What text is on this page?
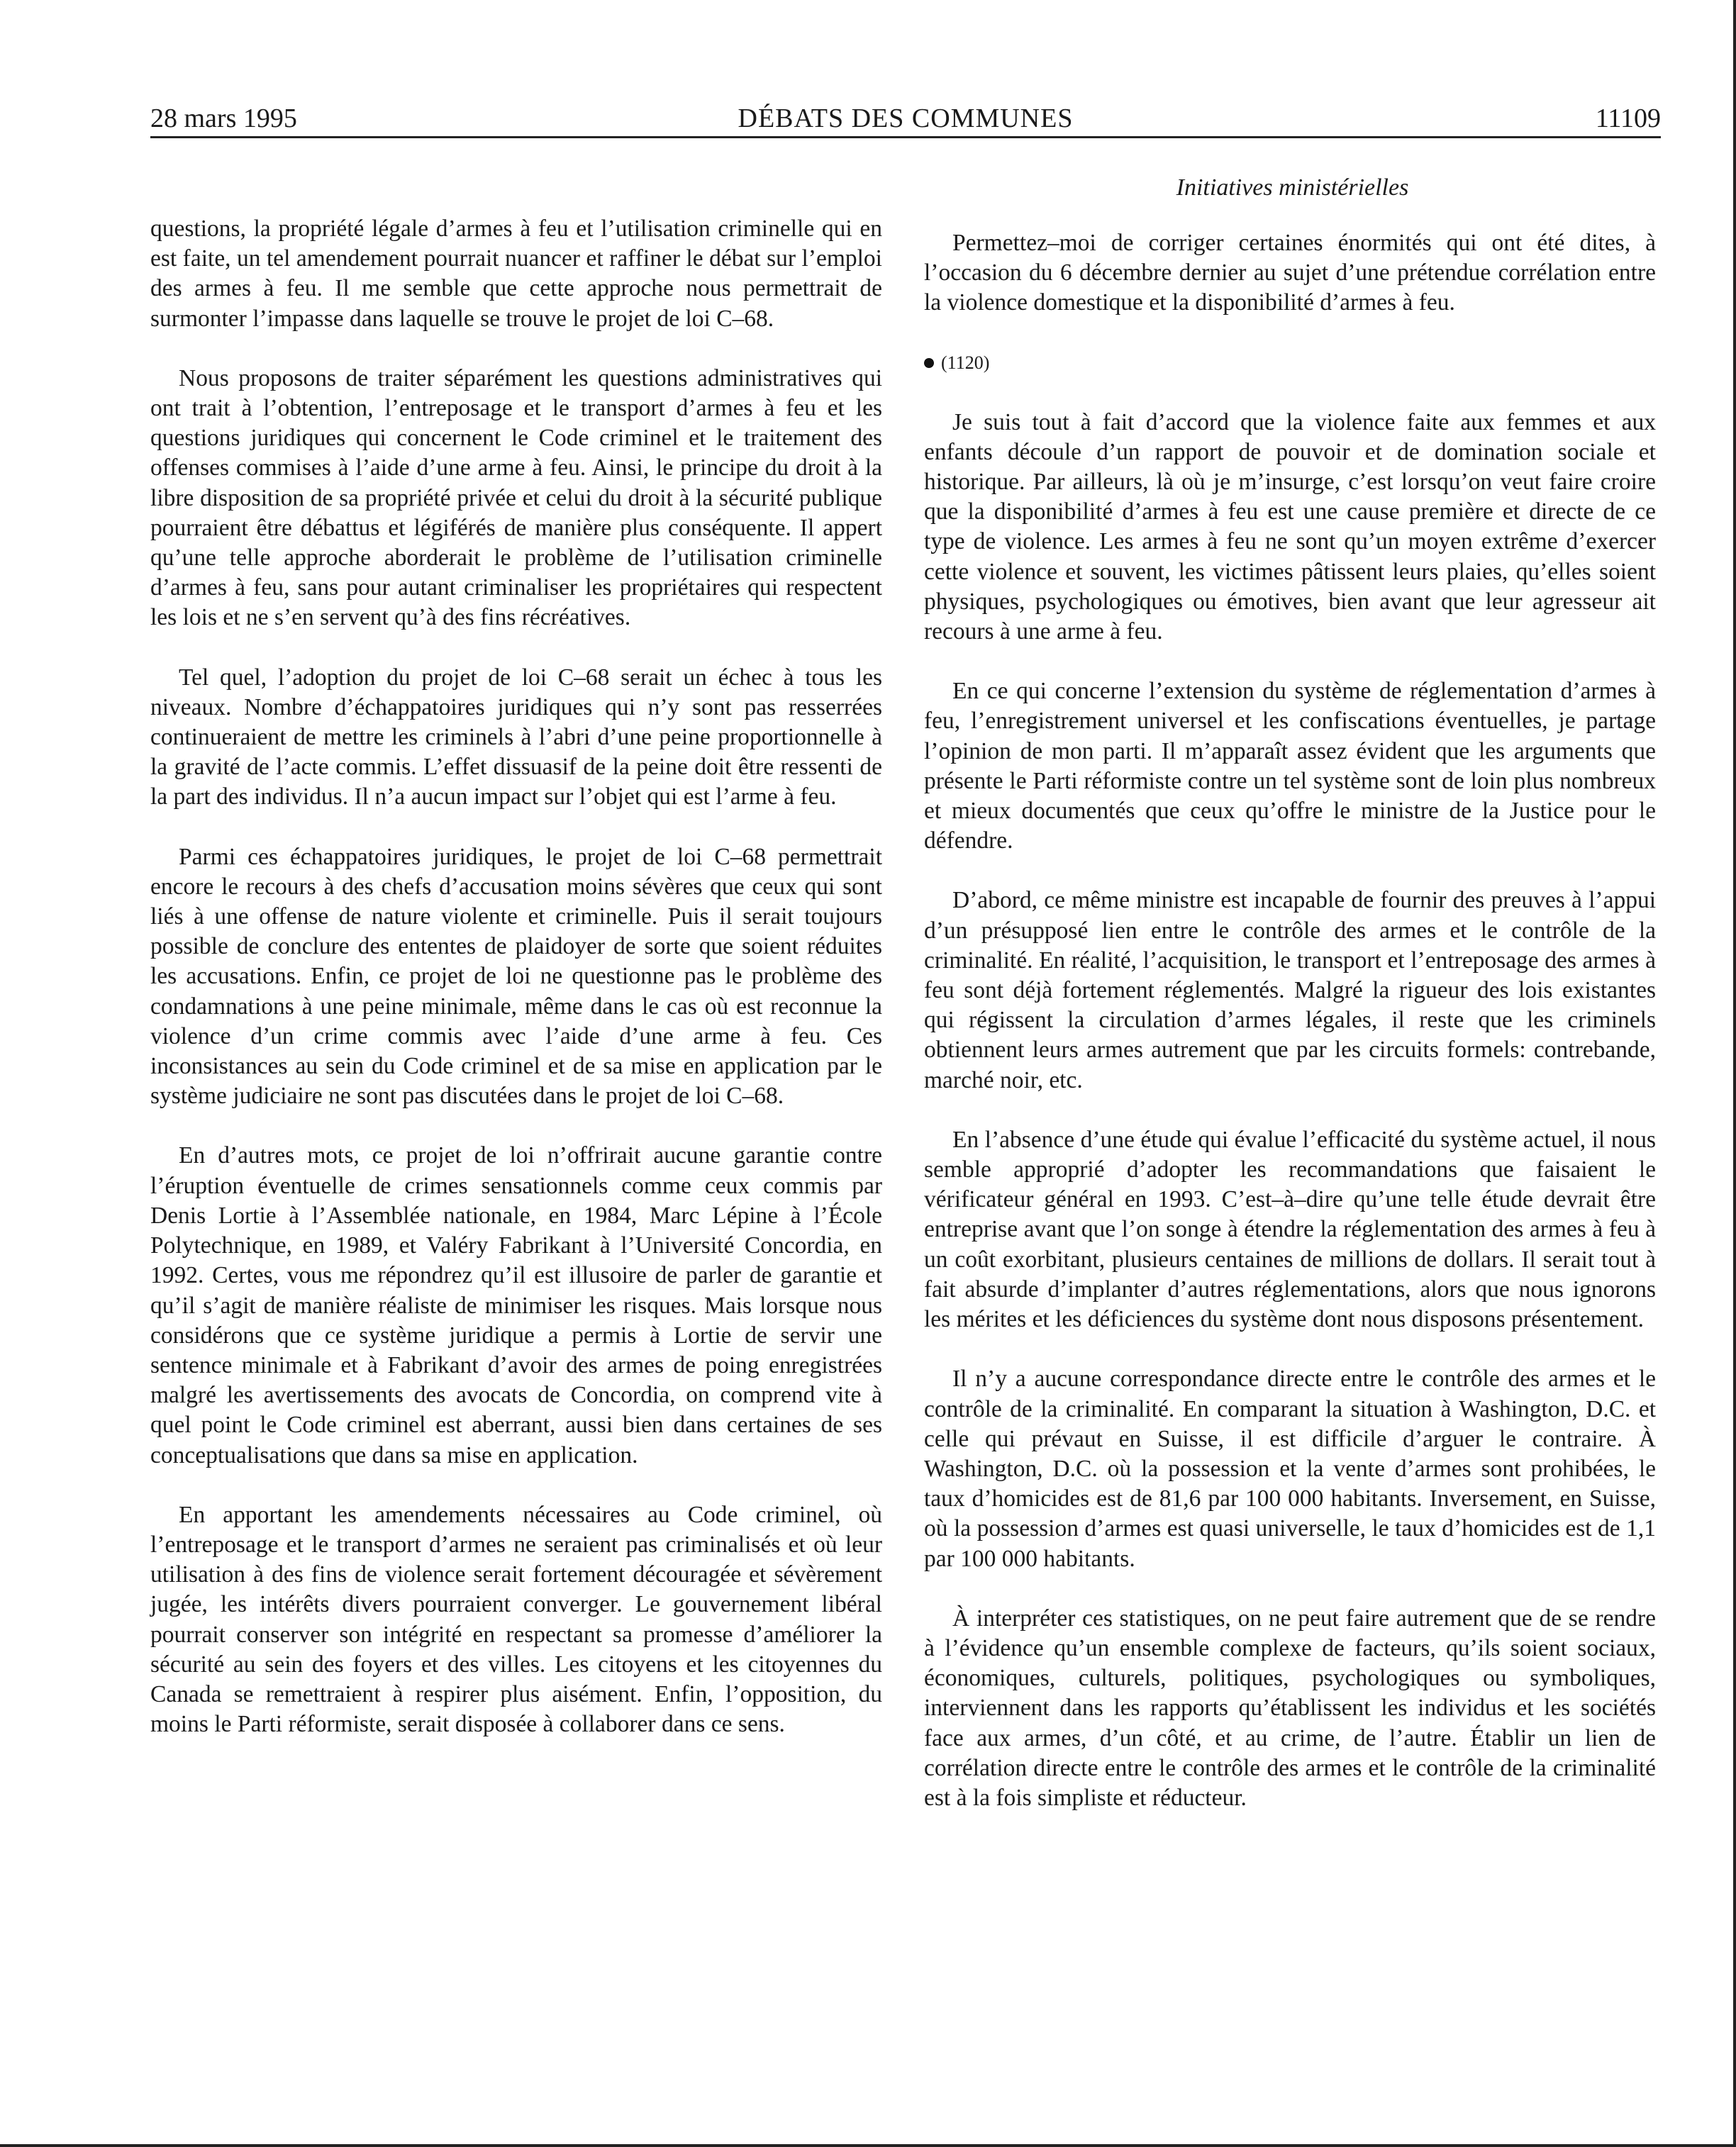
28 mars 1995	DÉBATS DES COMMUNES	11109
Initiatives ministérielles

questions, la propriété légale d’armes à feu et l’utilisation criminelle qui en est faite, un tel amendement pourrait nuancer et raffiner le débat sur l’emploi des armes à feu. Il me semble que cette approche nous permettrait de surmonter l’impasse dans laquelle se trouve le projet de loi C–68.

Nous proposons de traiter séparément les questions administratives qui ont trait à l’obtention, l’entreposage et le transport d’armes à feu et les questions juridiques qui concernent le Code criminel et le traitement des offenses commises à l’aide d’une arme à feu. Ainsi, le principe du droit à la libre disposition de sa propriété privée et celui du droit à la sécurité publique pourraient être débattus et légiférés de manière plus conséquente. Il appert qu’une telle approche aborderait le problème de l’utilisation criminelle d’armes à feu, sans pour autant criminaliser les propriétaires qui respectent les lois et ne s’en servent qu’à des fins récréatives.

Tel quel, l’adoption du projet de loi C–68 serait un échec à tous les niveaux. Nombre d’échappatoires juridiques qui n’y sont pas resserrées continueraient de mettre les criminels à l’abri d’une peine proportionnelle à la gravité de l’acte commis. L’effet dissuasif de la peine doit être ressenti de la part des individus. Il n’a aucun impact sur l’objet qui est l’arme à feu.

Parmi ces échappatoires juridiques, le projet de loi C–68 permettrait encore le recours à des chefs d’accusation moins sévères que ceux qui sont liés à une offense de nature violente et criminelle. Puis il serait toujours possible de conclure des ententes de plaidoyer de sorte que soient réduites les accusations. Enfin, ce projet de loi ne questionne pas le problème des condamnations à une peine minimale, même dans le cas où est reconnue la violence d’un crime commis avec l’aide d’une arme à feu. Ces inconsistances au sein du Code criminel et de sa mise en application par le système judiciaire ne sont pas discutées dans le projet de loi C–68.

En d’autres mots, ce projet de loi n’offrirait aucune garantie contre l’éruption éventuelle de crimes sensationnels comme ceux commis par Denis Lortie à l’Assemblée nationale, en 1984, Marc Lépine à l’École Polytechnique, en 1989, et Valéry Fabrikant à l’Université Concordia, en 1992. Certes, vous me répondrez qu’il est illusoire de parler de garantie et qu’il s’agit de manière réaliste de minimiser les risques. Mais lorsque nous considérons que ce système juridique a permis à Lortie de servir une sentence minimale et à Fabrikant d’avoir des armes de poing enregistrées malgré les avertissements des avocats de Concordia, on comprend vite à quel point le Code criminel est aberrant, aussi bien dans certaines de ses conceptualisations que dans sa mise en application.

En apportant les amendements nécessaires au Code criminel, où l’entreposage et le transport d’armes ne seraient pas criminalisés et où leur utilisation à des fins de violence serait fortement découragée et sévèrement jugée, les intérêts divers pourraient converger. Le gouvernement libéral pourrait conserver son intégrité en respectant sa promesse d’améliorer la sécurité au sein des foyers et des villes. Les citoyens et les citoyennes du Canada se remettraient à respirer plus aisément. Enfin, l’opposition, du moins le Parti réformiste, serait disposée à collaborer dans ce sens.

Permettez–moi de corriger certaines énormités qui ont été dites, à l’occasion du 6 décembre dernier au sujet d’une prétendue corrélation entre la violence domestique et la disponibilité d’armes à feu.

(1120)

Je suis tout à fait d’accord que la violence faite aux femmes et aux enfants découle d’un rapport de pouvoir et de domination sociale et historique. Par ailleurs, là où je m’insurge, c’est lorsqu’on veut faire croire que la disponibilité d’armes à feu est une cause première et directe de ce type de violence. Les armes à feu ne sont qu’un moyen extrême d’exercer cette violence et souvent, les victimes pâtissent leurs plaies, qu’elles soient physiques, psychologiques ou émotives, bien avant que leur agresseur ait recours à une arme à feu.

En ce qui concerne l’extension du système de réglementation d’armes à feu, l’enregistrement universel et les confiscations éventuelles, je partage l’opinion de mon parti. Il m’apparaît assez évident que les arguments que présente le Parti réformiste contre un tel système sont de loin plus nombreux et mieux documentés que ceux qu’offre le ministre de la Justice pour le défendre.

D’abord, ce même ministre est incapable de fournir des preuves à l’appui d’un présupposé lien entre le contrôle des armes et le contrôle de la criminalité. En réalité, l’acquisition, le transport et l’entreposage des armes à feu sont déjà fortement réglementés. Malgré la rigueur des lois existantes qui régissent la circulation d’armes légales, il reste que les criminels obtiennent leurs armes autrement que par les circuits formels: contrebande, marché noir, etc.

En l’absence d’une étude qui évalue l’efficacité du système actuel, il nous semble approprié d’adopter les recommandations que faisaient le vérificateur général en 1993. C’est–à–dire qu’une telle étude devrait être entreprise avant que l’on songe à étendre la réglementation des armes à feu à un coût exorbitant, plusieurs centaines de millions de dollars. Il serait tout à fait absurde d’implanter d’autres réglementations, alors que nous ignorons les mérites et les déficiences du système dont nous disposons présentement.

Il n’y a aucune correspondance directe entre le contrôle des armes et le contrôle de la criminalité. En comparant la situation à Washington, D.C. et celle qui prévaut en Suisse, il est difficile d’arguer le contraire. À Washington, D.C. où la possession et la vente d’armes sont prohibées, le taux d’homicides est de 81,6 par 100 000 habitants. Inversement, en Suisse, où la possession d’armes est quasi universelle, le taux d’homicides est de 1,1 par 100 000 habitants.

À interpréter ces statistiques, on ne peut faire autrement que de se rendre à l’évidence qu’un ensemble complexe de facteurs, qu’ils soient sociaux, économiques, culturels, politiques, psychologiques ou symboliques, interviennent dans les rapports qu’établissent les individus et les sociétés face aux armes, d’un côté, et au crime, de l’autre. Établir un lien de corrélation directe entre le contrôle des armes et le contrôle de la criminalité est à la fois simpliste et réducteur.
